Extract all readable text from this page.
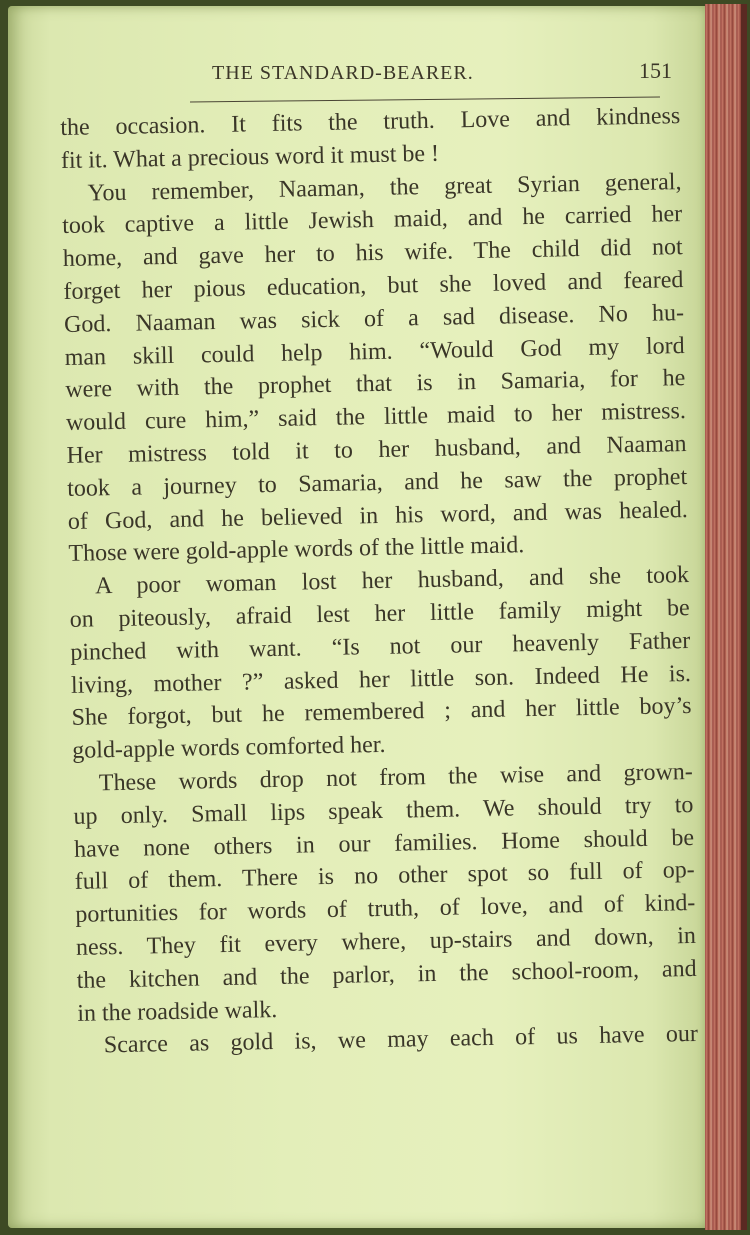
THE STANDARD-BEARER.	151
the occasion. It fits the truth. Love and kindness
fit it. What a precious word it must be !
You remember, Naaman, the great Syrian general,
took captive a little Jewish maid, and he carried her
home, and gave her to his wife. The child did not
forget her pious education, but she loved and feared
God. Naaman was sick of a sad disease. No hu-
man skill could help him. “Would God my lord
were with the prophet that is in Samaria, for he
would cure him,” said the little maid to her mistress.
Her mistress told it to her husband, and Naaman
took a journey to Samaria, and he saw the prophet
of God, and he believed in his word, and was healed.
Those were gold-apple words of the little maid.
A poor woman lost her husband, and she took
on piteously, afraid lest her little family might be
pinched with want. “Is not our heavenly Father
living, mother ?” asked her little son. Indeed He is.
She forgot, but he remembered ; and her little boy’s
gold-apple words comforted her.
These words drop not from the wise and grown-
up only. Small lips speak them. We should try to
have none others in our families. Home should be
full of them. There is no other spot so full of op-
portunities for words of truth, of love, and of kind-
ness. They fit every where, up-stairs and down, in
the kitchen and the parlor, in the school-room, and
in the roadside walk.
Scarce as gold is, we may each of us have our
